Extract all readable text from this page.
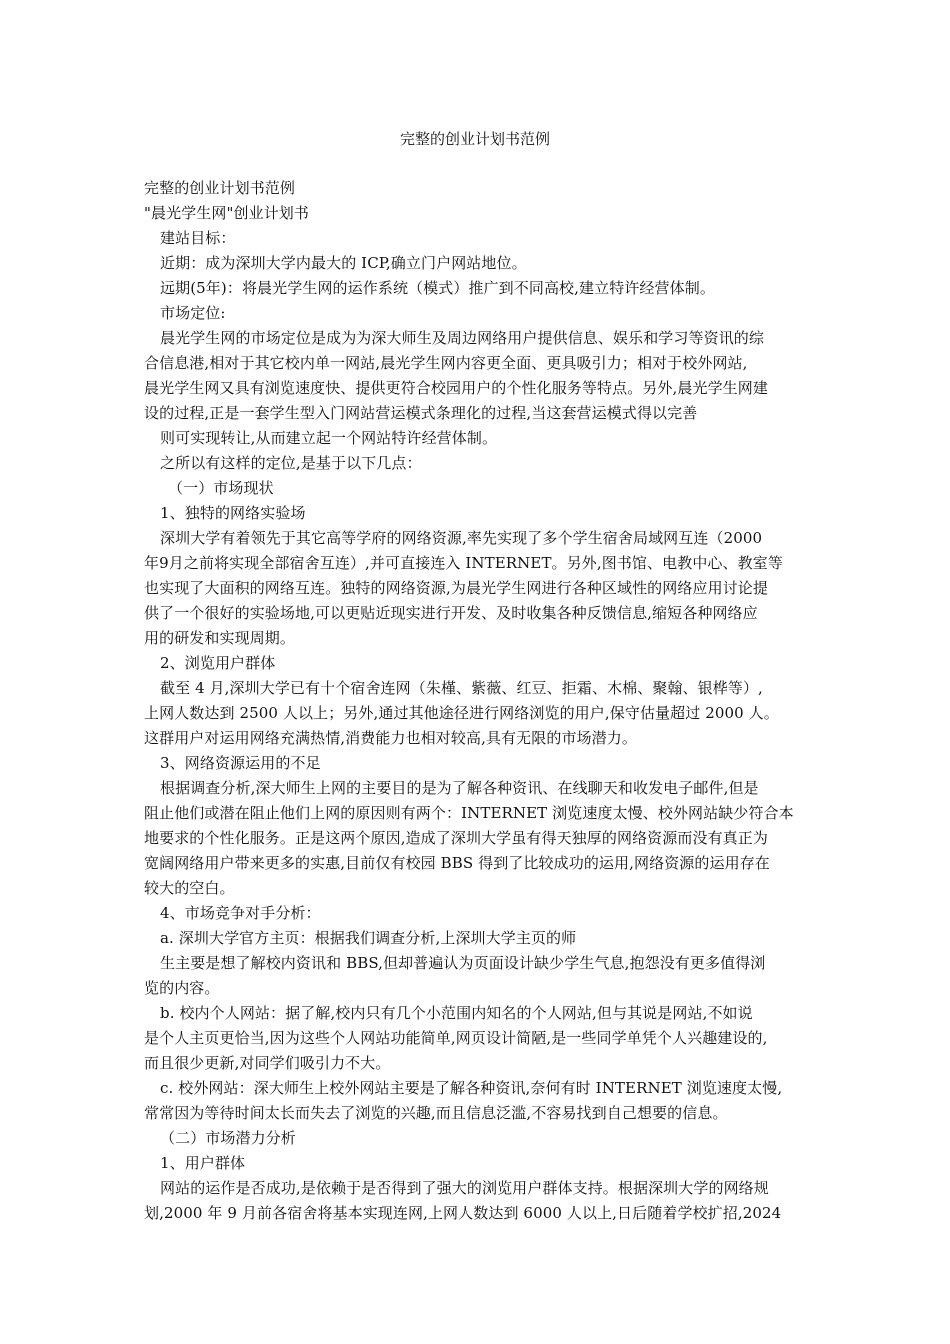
完整的创业计划书范例
完整的创业计划书范例
"晨光学生网"创业计划书
建站目标：
近期：成为深圳大学内最大的 ICP,确立门户网站地位。
远期(5年)：将晨光学生网的运作系统（模式）推广到不同高校,建立特许经营体制。
市场定位:
晨光学生网的市场定位是成为为深大师生及周边网络用户提供信息、娱乐和学习等资讯的综
合信息港,相对于其它校内单一网站,晨光学生网内容更全面、更具吸引力；相对于校外网站,
晨光学生网又具有浏览速度快、提供更符合校园用户的个性化服务等特点。另外,晨光学生网建
设的过程,正是一套学生型入门网站营运模式条理化的过程,当这套营运模式得以完善
则可实现转让,从而建立起一个网站特许经营体制。
之所以有这样的定位,是基于以下几点：
（一）市场现状
1、独特的网络实验场
深圳大学有着领先于其它高等学府的网络资源,率先实现了多个学生宿舍局域网互连（2000
年9月之前将实现全部宿舍互连）,并可直接连入 INTERNET。另外,图书馆、电教中心、教室等
也实现了大面积的网络互连。独特的网络资源,为晨光学生网进行各种区域性的网络应用讨论提
供了一个很好的实验场地,可以更贴近现实进行开发、及时收集各种反馈信息,缩短各种网络应
用的研发和实现周期。
2、浏览用户群体
截至 4 月,深圳大学已有十个宿舍连网（朱槿、紫薇、红豆、拒霜、木棉、聚翰、银桦等）,
上网人数达到 2500 人以上；另外,通过其他途径进行网络浏览的用户,保守估量超过 2000 人。
这群用户对运用网络充满热情,消费能力也相对较高,具有无限的市场潜力。
3、网络资源运用的不足
根据调查分析,深大师生上网的主要目的是为了解各种资讯、在线聊天和收发电子邮件,但是
阻止他们或潜在阻止他们上网的原因则有两个：INTERNET 浏览速度太慢、校外网站缺少符合本
地要求的个性化服务。正是这两个原因,造成了深圳大学虽有得天独厚的网络资源而没有真正为
宽阔网络用户带来更多的实惠,目前仅有校园 BBS 得到了比较成功的运用,网络资源的运用存在
较大的空白。
4、市场竞争对手分析：
a. 深圳大学官方主页：根据我们调查分析,上深圳大学主页的师
生主要是想了解校内资讯和 BBS,但却普遍认为页面设计缺少学生气息,抱怨没有更多值得浏
览的内容。
b. 校内个人网站：据了解,校内只有几个小范围内知名的个人网站,但与其说是网站,不如说
是个人主页更恰当,因为这些个人网站功能简单,网页设计简陋,是一些同学单凭个人兴趣建设的,
而且很少更新,对同学们吸引力不大。
c. 校外网站：深大师生上校外网站主要是了解各种资讯,奈何有时 INTERNET 浏览速度太慢,
常常因为等待时间太长而失去了浏览的兴趣,而且信息泛滥,不容易找到自己想要的信息。
（二）市场潜力分析
1、用户群体
网站的运作是否成功,是依赖于是否得到了强大的浏览用户群体支持。根据深圳大学的网络规
划,2000 年 9 月前各宿舍将基本实现连网,上网人数达到 6000 人以上,日后随着学校扩招,2024
